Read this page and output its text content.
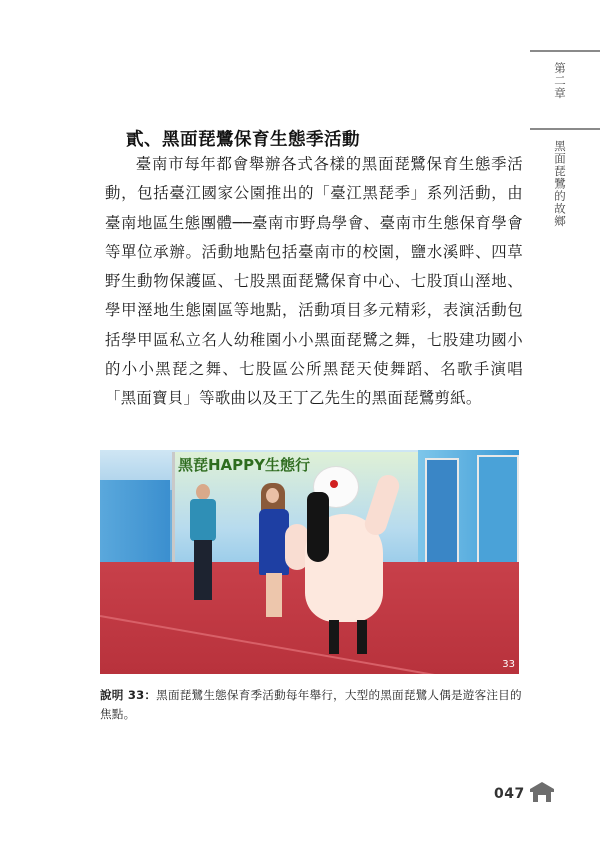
第二章
黑面琵鷺的故鄉
貳、黑面琵鷺保育生態季活動

臺南市每年都會舉辦各式各樣的黑面琵鷺保育生態季活動，包括臺江國家公園推出的「臺江黑琵季」系列活動，由臺南地區生態團體──臺南市野鳥學會、臺南市生態保育學會等單位承辦。活動地點包括臺南市的校園，鹽水溪畔、四草野生動物保護區、七股黑面琵鷺保育中心、七股頂山溼地、學甲溼地生態園區等地點，活動項目多元精彩，表演活動包括學甲區私立名人幼稚園小小黑面琵鷺之舞，七股建功國小的小小黑琵之舞、七股區公所黑琵天使舞蹈、名歌手演唱「黑面寶貝」等歌曲以及王丁乙先生的黑面琵鷺剪紙。

黑琵HAPPY生態行
33

說明 33：黑面琵鷺生態保育季活動每年舉行，大型的黑面琵鷺人偶是遊客注目的焦點。

047
